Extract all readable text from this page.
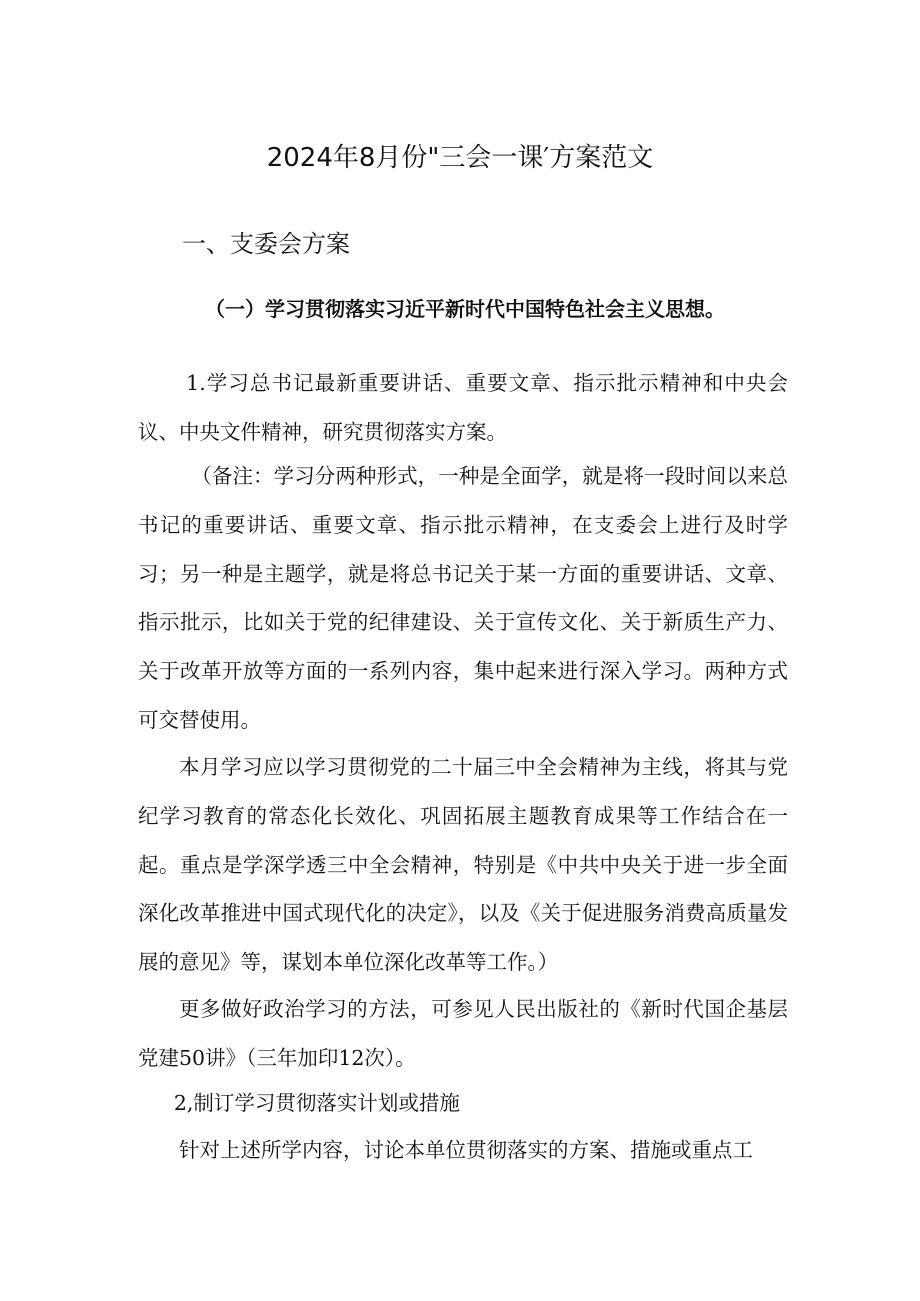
2024年8月份"三会一课′方案范文
一、支委会方案
（一）学习贯彻落实习近平新时代中国特色社会主义思想。

1.学习总书记最新重要讲话、重要文章、指示批示精神和中央会议、中央文件精神，研究贯彻落实方案。

（备注：学习分两种形式，一种是全面学，就是将一段时间以来总书记的重要讲话、重要文章、指示批示精神，在支委会上进行及时学习；另一种是主题学，就是将总书记关于某一方面的重要讲话、文章、指示批示，比如关于党的纪律建设、关于宣传文化、关于新质生产力、关于改革开放等方面的一系列内容，集中起来进行深入学习。两种方式可交替使用。

本月学习应以学习贯彻党的二十届三中全会精神为主线，将其与党纪学习教育的常态化长效化、巩固拓展主题教育成果等工作结合在一起。重点是学深学透三中全会精神，特别是《中共中央关于进一步全面深化改革推进中国式现代化的决定》，以及《关于促进服务消费高质量发展的意见》等，谋划本单位深化改革等工作。）

更多做好政治学习的方法，可参见人民出版社的《新时代国企基层党建50讲》（三年加印12次）。

2,制订学习贯彻落实计划或措施

针对上述所学内容，讨论本单位贯彻落实的方案、措施或重点工
